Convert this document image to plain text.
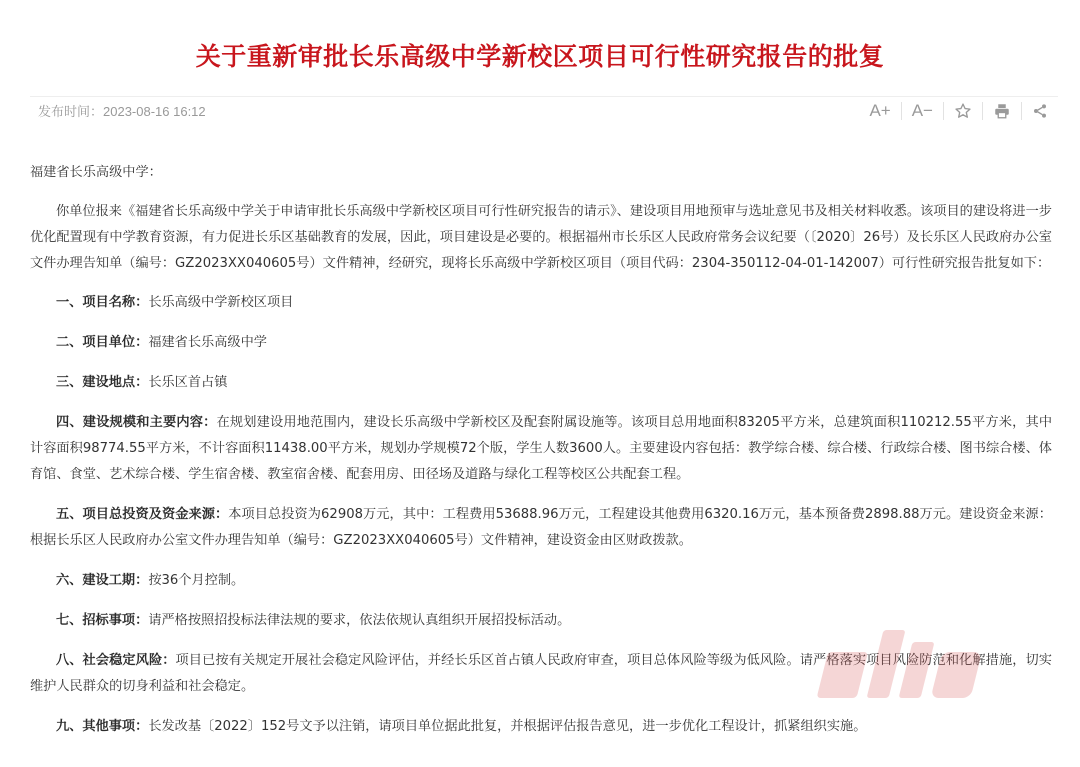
关于重新审批长乐高级中学新校区项目可行性研究报告的批复
发布时间：2023-08-16 16:12	A+	A−

福建省长乐高级中学：

你单位报来《福建省长乐高级中学关于申请审批长乐高级中学新校区项目可行性研究报告的请示》、建设项目用地预审与选址意见书及相关材料收悉。该项目的建设将进一步优化配置现有中学教育资源，有力促进长乐区基础教育的发展，因此，项目建设是必要的。根据福州市长乐区人民政府常务会议纪要（〔2020〕26号）及长乐区人民政府办公室文件办理告知单（编号：GZ2023XX040605号）文件精神，经研究，现将长乐高级中学新校区项目（项目代码：2304-350112-04-01-142007）可行性研究报告批复如下：

一、项目名称：长乐高级中学新校区项目

二、项目单位：福建省长乐高级中学

三、建设地点：长乐区首占镇

四、建设规模和主要内容：在规划建设用地范围内，建设长乐高级中学新校区及配套附属设施等。该项目总用地面积83205平方米，总建筑面积110212.55平方米，其中计容面积98774.55平方米，不计容面积11438.00平方米，规划办学规模72个版，学生人数3600人。主要建设内容包括：教学综合楼、综合楼、行政综合楼、图书综合楼、体育馆、食堂、艺术综合楼、学生宿舍楼、教室宿舍楼、配套用房、田径场及道路与绿化工程等校区公共配套工程。

五、项目总投资及资金来源：本项目总投资为62908万元，其中：工程费用53688.96万元，工程建设其他费用6320.16万元，基本预备费2898.88万元。建设资金来源：根据长乐区人民政府办公室文件办理告知单（编号：GZ2023XX040605号）文件精神，建设资金由区财政拨款。

六、建设工期：按36个月控制。

七、招标事项：请严格按照招投标法律法规的要求，依法依规认真组织开展招投标活动。

八、社会稳定风险：项目已按有关规定开展社会稳定风险评估，并经长乐区首占镇人民政府审查，项目总体风险等级为低风险。请严格落实项目风险防范和化解措施，切实维护人民群众的切身利益和社会稳定。

九、其他事项：长发改基〔2022〕152号文予以注销，请项目单位据此批复，并根据评估报告意见，进一步优化工程设计，抓紧组织实施。
